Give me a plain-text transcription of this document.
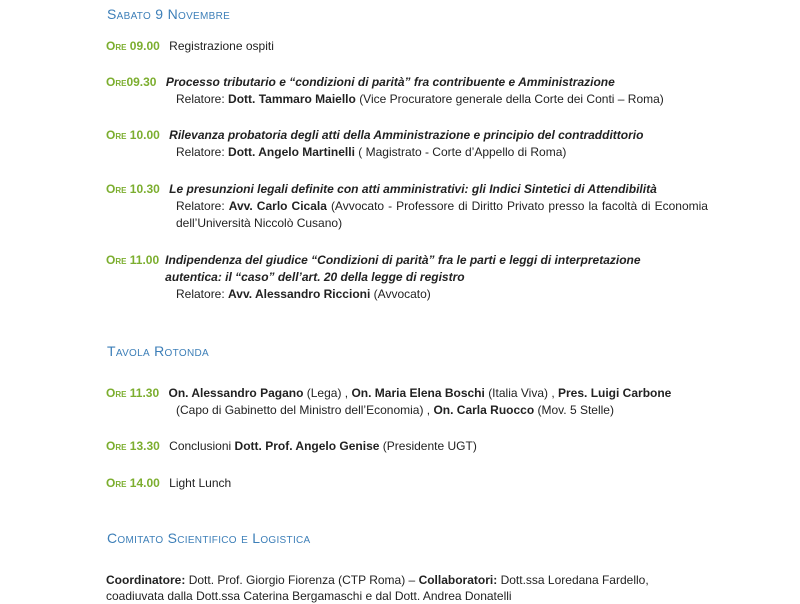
Sabato 9 Novembre
Ore 09.00 Registrazione ospiti
Ore09.30 Processo tributario e “condizioni di parità” fra contribuente e Amministrazione
Relatore: Dott. Tammaro Maiello (Vice Procuratore generale della Corte dei Conti – Roma)
Ore 10.00 Rilevanza probatoria degli atti della Amministrazione e principio del contraddittorio
Relatore: Dott. Angelo Martinelli ( Magistrato - Corte d’Appello di Roma)
Ore 10.30 Le presunzioni legali definite con atti amministrativi: gli Indici Sintetici di Attendibilità
Relatore: Avv. Carlo Cicala (Avvocato - Professore di Diritto Privato presso la facoltà di Economia dell’Università Niccolò Cusano)
Ore 11.00 Indipendenza del giudice “Condizioni di parità” fra le parti e leggi di interpretazione autentica: il “caso” dell’art. 20 della legge di registro
Relatore: Avv. Alessandro Riccioni (Avvocato)
Tavola Rotonda
Ore 11.30 On. Alessandro Pagano (Lega) , On. Maria Elena Boschi (Italia Viva) , Pres. Luigi Carbone
(Capo di Gabinetto del Ministro dell’Economia) , On. Carla Ruocco (Mov. 5 Stelle)
Ore 13.30 Conclusioni Dott. Prof. Angelo Genise (Presidente UGT)
Ore 14.00 Light Lunch
Comitato Scientifico e Logistica
Coordinatore: Dott. Prof. Giorgio Fiorenza (CTP Roma) – Collaboratori: Dott.ssa Loredana Fardello,
coadiuvata dalla Dott.ssa Caterina Bergamaschi e dal Dott. Andrea Donatelli
